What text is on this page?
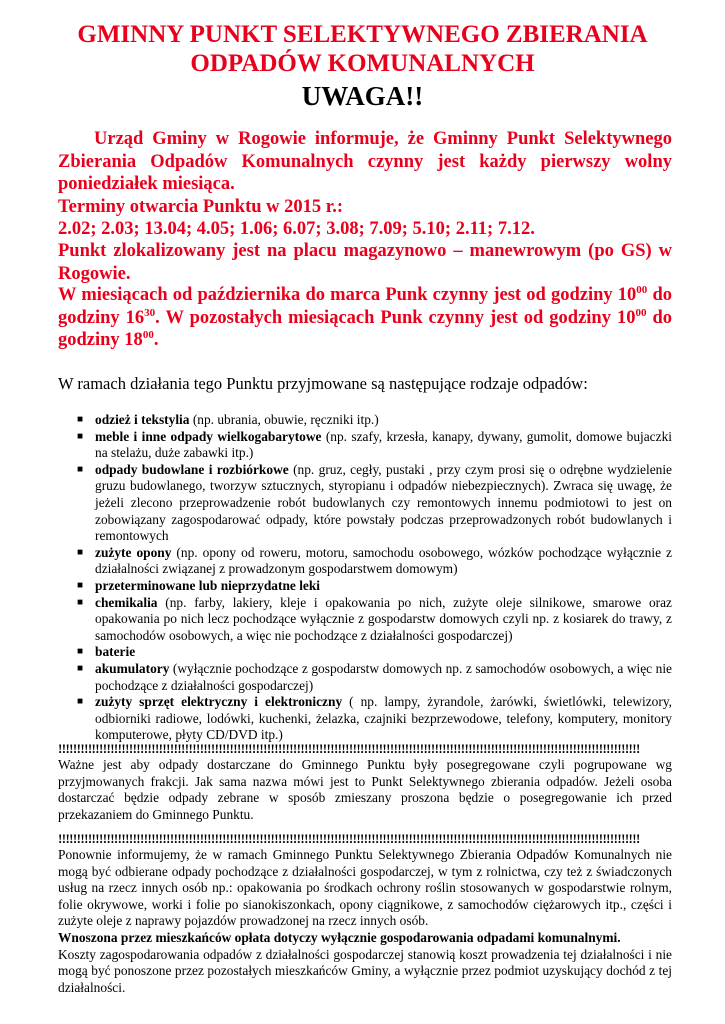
GMINNY PUNKT SELEKTYWNEGO ZBIERANIA
ODPADÓW KOMUNALNYCH
UWAGA!!

Urząd Gminy w Rogowie informuje, że Gminny Punkt Selektywnego Zbierania Odpadów Komunalnych czynny jest każdy pierwszy wolny poniedziałek miesiąca.

Terminy otwarcia Punktu w 2015 r.:

2.02; 2.03; 13.04; 4.05; 1.06; 6.07; 3.08; 7.09; 5.10; 2.11; 7.12.

Punkt zlokalizowany jest na placu magazynowo – manewrowym (po GS) w Rogowie.

W miesiącach od października do marca Punk czynny jest od godziny $10^{00}$ do godziny $16^{30}$. W pozostałych miesiącach Punk czynny jest od godziny $10^{00}$ do godziny $18^{00}$.

W ramach działania tego Punktu przyjmowane są następujące rodzaje odpadów:

■ odzież i tekstylia (np. ubrania, obuwie, ręczniki itp.)
■ meble i inne odpady wielkogabarytowe (np. szafy, krzesła, kanapy, dywany, gumolit, domowe bujaczki na stelażu, duże zabawki itp.)
■ odpady budowlane i rozbiórkowe (np. gruz, cegły, pustaki , przy czym prosi się o odrębne wydzielenie gruzu budowlanego, tworzyw sztucznych, styropianu i odpadów niebezpiecznych). Zwraca się uwagę, że jeżeli zlecono przeprowadzenie robót budowlanych czy remontowych innemu podmiotowi to jest on zobowiązany zagospodarować odpady, które powstały podczas przeprowadzonych robót budowlanych i remontowych
■ zużyte opony (np. opony od roweru, motoru, samochodu osobowego, wózków pochodzące wyłącznie z działalności związanej z prowadzonym gospodarstwem domowym)
■ przeterminowane lub nieprzydatne leki
■ chemikalia (np. farby, lakiery, kleje i opakowania po nich, zużyte oleje silnikowe, smarowe oraz opakowania po nich lecz pochodzące wyłącznie z gospodarstw domowych czyli np. z kosiarek do trawy, z samochodów osobowych, a więc nie pochodzące z działalności gospodarczej)
■ baterie
■ akumulatory (wyłącznie pochodzące z gospodarstw domowych np. z samochodów osobowych, a więc nie pochodzące z działalności gospodarczej)
■ zużyty sprzęt elektryczny i elektroniczny ( np. lampy, żyrandole, żarówki, świetlówki, telewizory, odbiorniki radiowe, lodówki, kuchenki, żelazka, czajniki bezprzewodowe, telefony, komputery, monitory komputerowe, płyty CD/DVD itp.)

!!!!!!!!!!!!!!!!!!!!!!!!!!!!!!!!!!!!!!!!!!!!!!!!!!!!!!!!!!!!!!!!!!!!!!!!!!!!!!!!!!!!!!!!!!!!!!!!!!!!!!!!!!!!!!!!!!!!!!!!!!!!!!!!!!!!!!!!!!!!!!!!!!!!!!!!!!!!

Ważne jest aby odpady dostarczane do Gminnego Punktu były posegregowane czyli pogrupowane wg przyjmowanych frakcji. Jak sama nazwa mówi jest to Punkt Selektywnego zbierania odpadów. Jeżeli osoba dostarczać będzie odpady zebrane w sposób zmieszany proszona będzie o posegregowanie ich przed przekazaniem do Gminnego Punktu.

!!!!!!!!!!!!!!!!!!!!!!!!!!!!!!!!!!!!!!!!!!!!!!!!!!!!!!!!!!!!!!!!!!!!!!!!!!!!!!!!!!!!!!!!!!!!!!!!!!!!!!!!!!!!!!!!!!!!!!!!!!!!!!!!!!!!!!!!!!!!!!!!!!!!!!!!!!!!

Ponownie informujemy, że w ramach Gminnego Punktu Selektywnego Zbierania Odpadów Komunalnych nie mogą być odbierane odpady pochodzące z działalności gospodarczej, w tym z rolnictwa, czy też z świadczonych usług na rzecz innych osób np.: opakowania po środkach ochrony roślin stosowanych w gospodarstwie rolnym, folie okrywowe, worki i folie po sianokiszonkach, opony ciągnikowe, z samochodów ciężarowych itp., części i zużyte oleje z naprawy pojazdów prowadzonej na rzecz innych osób.
Wnoszona przez mieszkańców opłata dotyczy wyłącznie gospodarowania odpadami komunalnymi.
Koszty zagospodarowania odpadów z działalności gospodarczej stanowią koszt prowadzenia tej działalności i nie mogą być ponoszone przez pozostałych mieszkańców Gminy, a wyłącznie przez podmiot uzyskujący dochód z tej działalności.
